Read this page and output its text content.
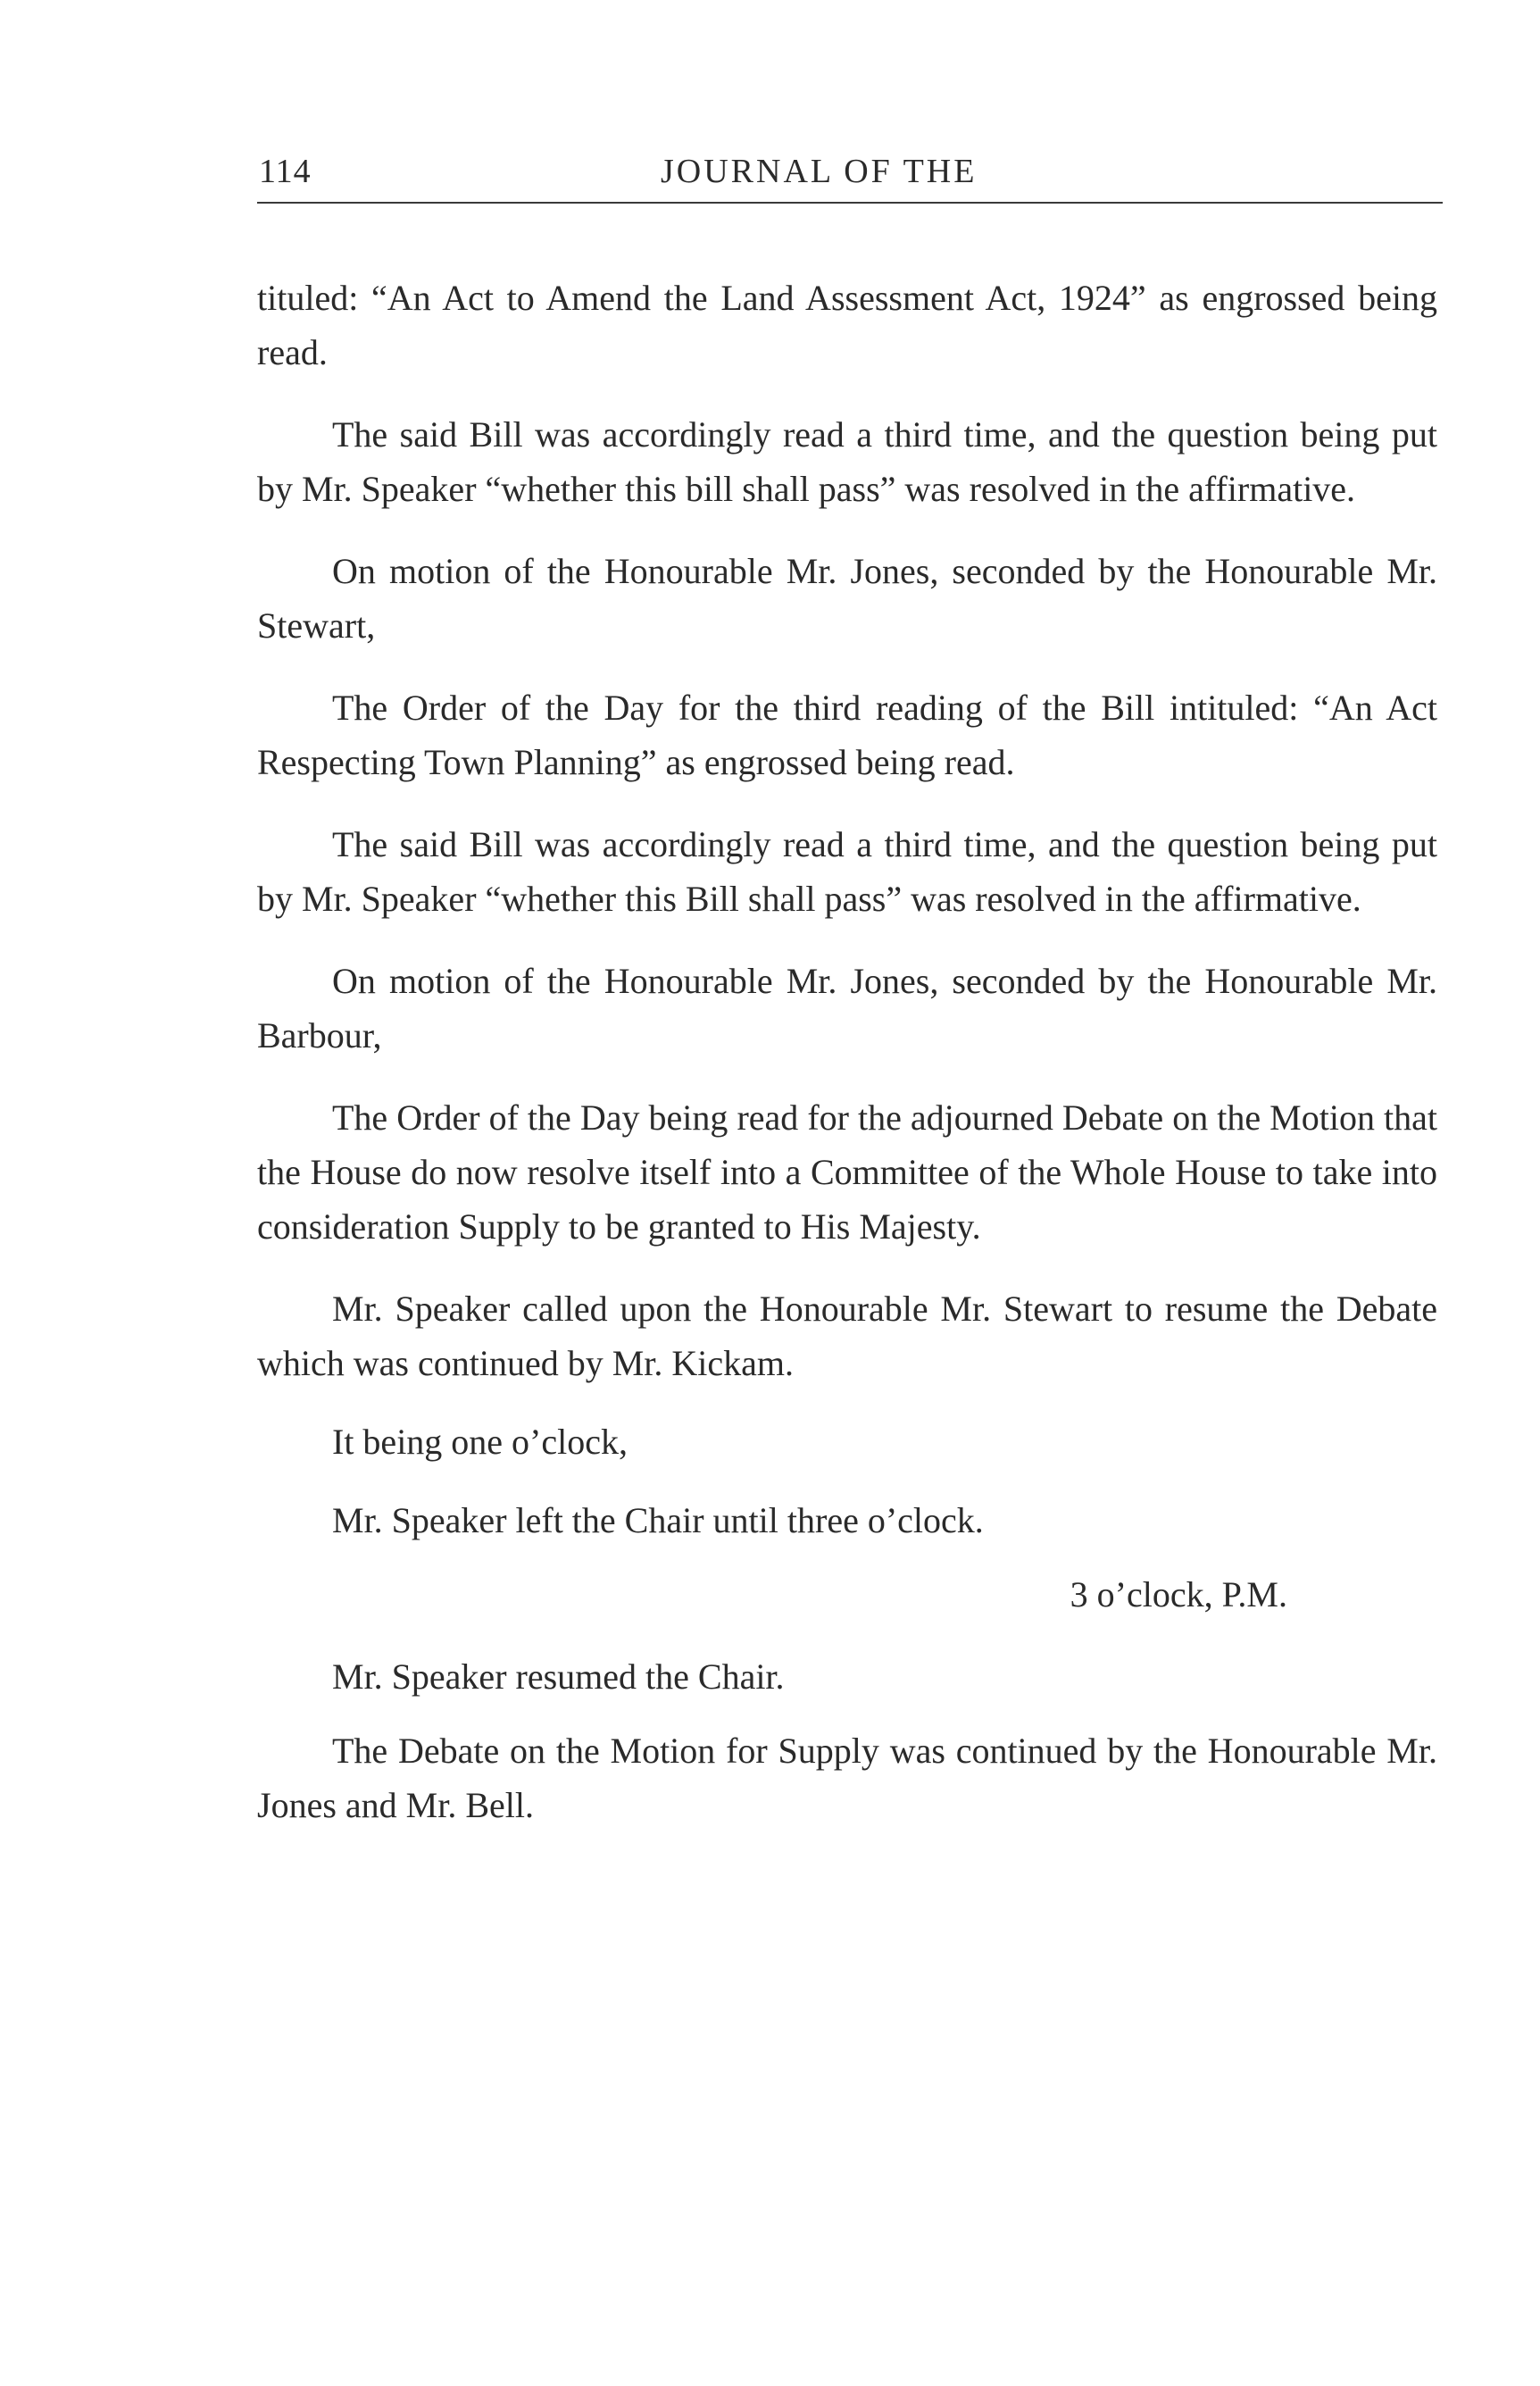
114	JOURNAL OF THE

tituled: “An Act to Amend the Land Assessment Act, 1924” as engrossed being read.

The said Bill was accordingly read a third time, and the question being put by Mr. Speaker “whether this bill shall pass” was resolved in the affirmative.

On motion of the Honourable Mr. Jones, seconded by the Honourable Mr. Stewart,

The Order of the Day for the third reading of the Bill intituled: “An Act Respecting Town Planning” as engrossed being read.

The said Bill was accordingly read a third time, and the question being put by Mr. Speaker “whether this Bill shall pass” was resolved in the affirmative.

On motion of the Honourable Mr. Jones, seconded by the Honourable Mr. Barbour,

The Order of the Day being read for the adjourned Debate on the Motion that the House do now resolve itself into a Committee of the Whole House to take into consideration Supply to be granted to His Majesty.

Mr. Speaker called upon the Honourable Mr. Stewart to resume the Debate which was continued by Mr. Kickam.

It being one o’clock,

Mr. Speaker left the Chair until three o’clock.

3 o’clock, P.M.

Mr. Speaker resumed the Chair.

The Debate on the Motion for Supply was continued by the Honourable Mr. Jones and Mr. Bell.
